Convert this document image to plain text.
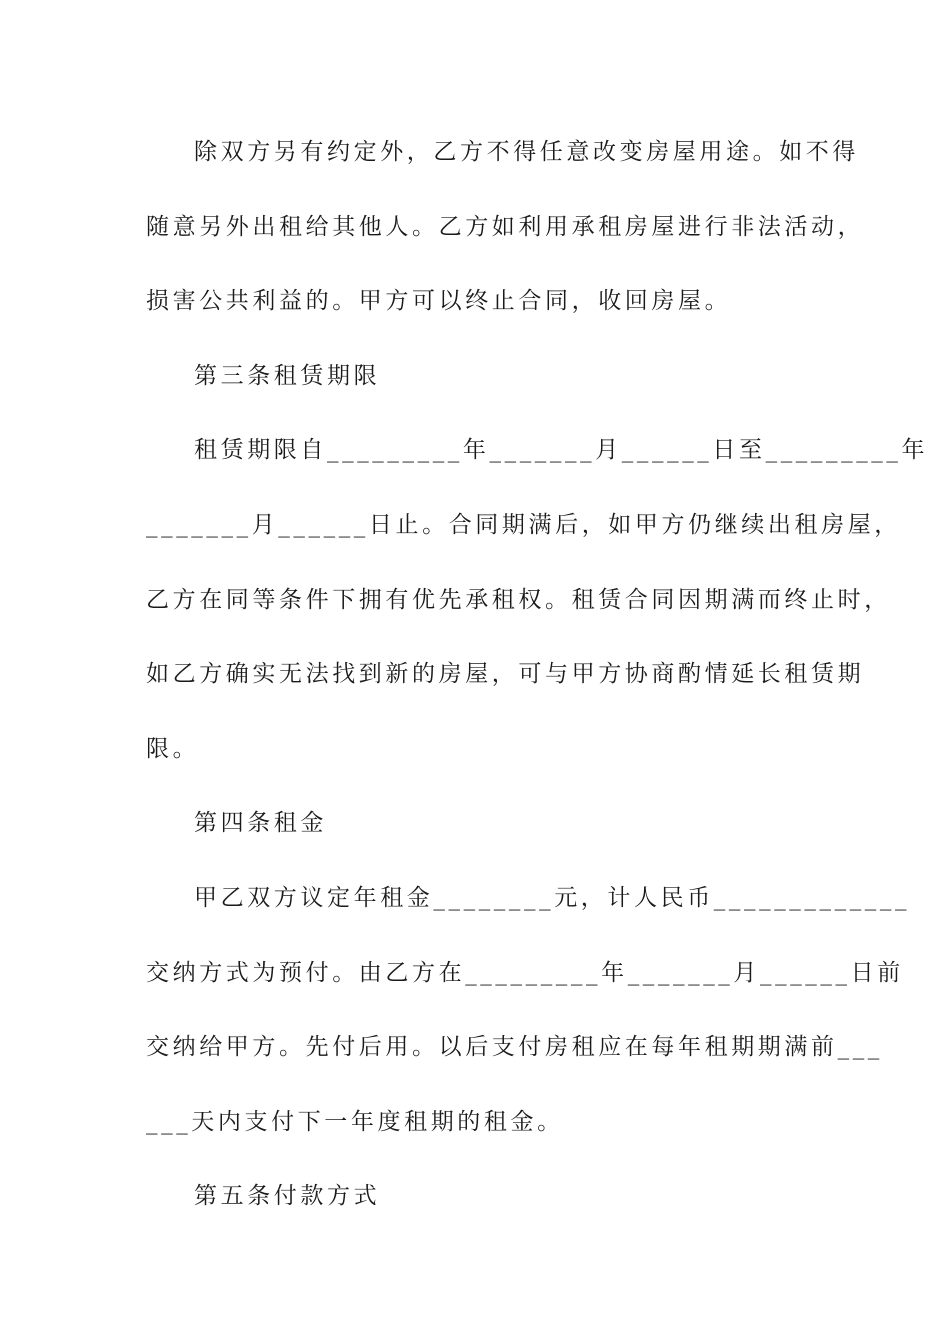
除双方另有约定外，乙方不得任意改变房屋用途。如不得
随意另外出租给其他人。乙方如利用承租房屋进行非法活动，
损害公共利益的。甲方可以终止合同，收回房屋。
第三条租赁期限
租赁期限自_________年_______月______日至_________年
_______月______日止。合同期满后，如甲方仍继续出租房屋，
乙方在同等条件下拥有优先承租权。租赁合同因期满而终止时，
如乙方确实无法找到新的房屋，可与甲方协商酌情延长租赁期
限。
第四条租金
甲乙双方议定年租金________元，计人民币_____________
交纳方式为预付。由乙方在_________年_______月______日前
交纳给甲方。先付后用。以后支付房租应在每年租期期满前___
___天内支付下一年度租期的租金。
第五条付款方式
